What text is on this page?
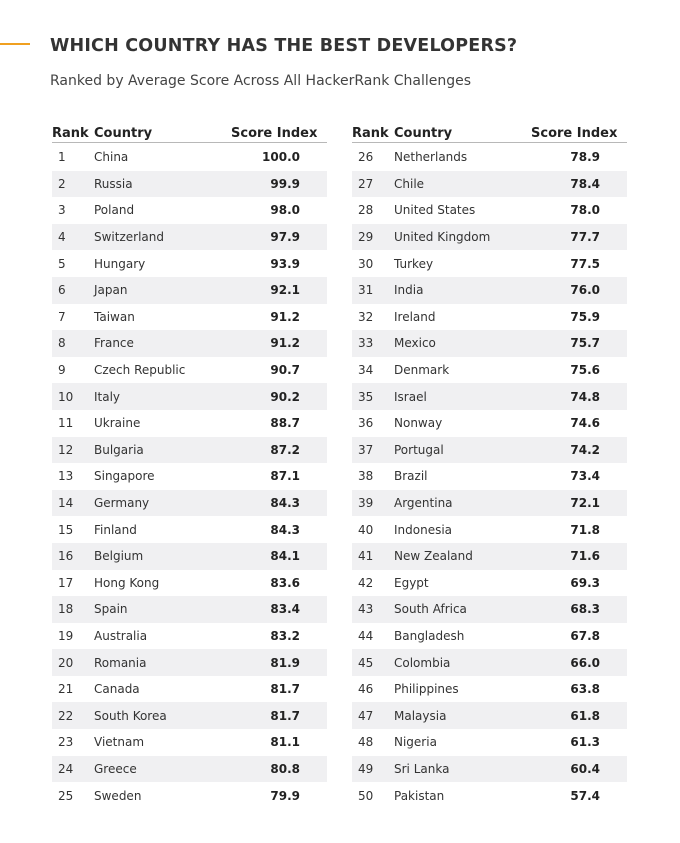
WHICH COUNTRY HAS THE BEST DEVELOPERS?
Ranked by Average Score Across All HackerRank Challenges
Rank Country	Score Index
1	China	100.0
2	Russia	99.9
3	Poland	98.0
4	Switzerland	97.9
5	Hungary	93.9
6	Japan	92.1
7	Taiwan	91.2
8	France	91.2
9	Czech Republic	90.7
10	Italy	90.2
11	Ukraine	88.7
12	Bulgaria	87.2
13	Singapore	87.1
14	Germany	84.3
15	Finland	84.3
16	Belgium	84.1
17	Hong Kong	83.6
18	Spain	83.4
19	Australia	83.2
20	Romania	81.9
21	Canada	81.7
22	South Korea	81.7
23	Vietnam	81.1
24	Greece	80.8
25	Sweden	79.9
Rank Country	Score Index
26	Netherlands	78.9
27	Chile	78.4
28	United States	78.0
29	United Kingdom	77.7
30	Turkey	77.5
31	India	76.0
32	Ireland	75.9
33	Mexico	75.7
34	Denmark	75.6
35	Israel	74.8
36	Nonway	74.6
37	Portugal	74.2
38	Brazil	73.4
39	Argentina	72.1
40	Indonesia	71.8
41	New Zealand	71.6
42	Egypt	69.3
43	South Africa	68.3
44	Bangladesh	67.8
45	Colombia	66.0
46	Philippines	63.8
47	Malaysia	61.8
48	Nigeria	61.3
49	Sri Lanka	60.4
50	Pakistan	57.4
